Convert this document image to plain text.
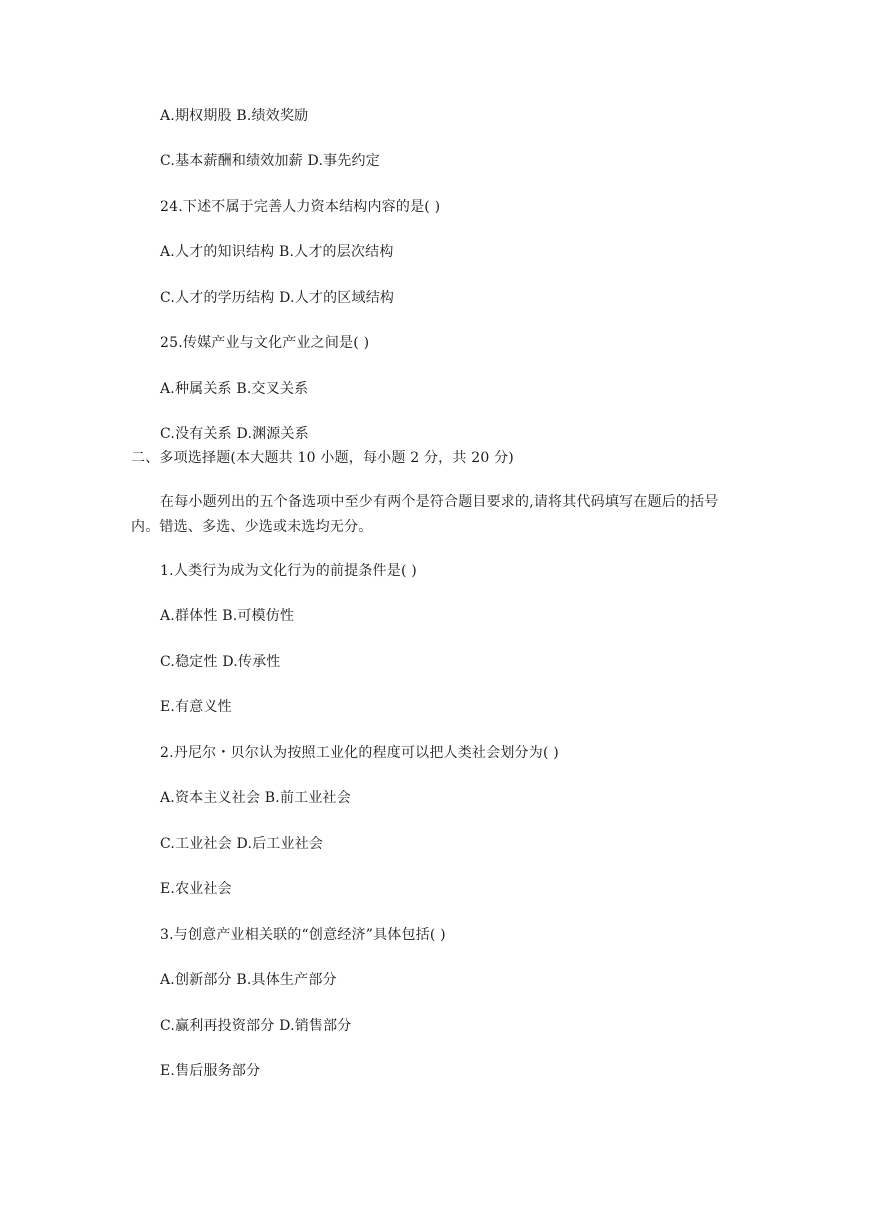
A.期权期股 B.绩效奖励
C.基本薪酬和绩效加薪 D.事先约定
24.下述不属于完善人力资本结构内容的是( )
A.人才的知识结构 B.人才的层次结构
C.人才的学历结构 D.人才的区域结构
25.传媒产业与文化产业之间是( )
A.种属关系 B.交叉关系
C.没有关系 D.渊源关系
二、多项选择题(本大题共 10 小题，每小题 2 分，共 20 分)
在每小题列出的五个备选项中至少有两个是符合题目要求的,请将其代码填写在题后的括号内。错选、多选、少选或未选均无分。
1.人类行为成为文化行为的前提条件是( )
A.群体性 B.可模仿性
C.稳定性 D.传承性
E.有意义性
2.丹尼尔・贝尔认为按照工业化的程度可以把人类社会划分为( )
A.资本主义社会 B.前工业社会
C.工业社会 D.后工业社会
E.农业社会
3.与创意产业相关联的“创意经济”具体包括( )
A.创新部分 B.具体生产部分
C.赢利再投资部分 D.销售部分
E.售后服务部分
